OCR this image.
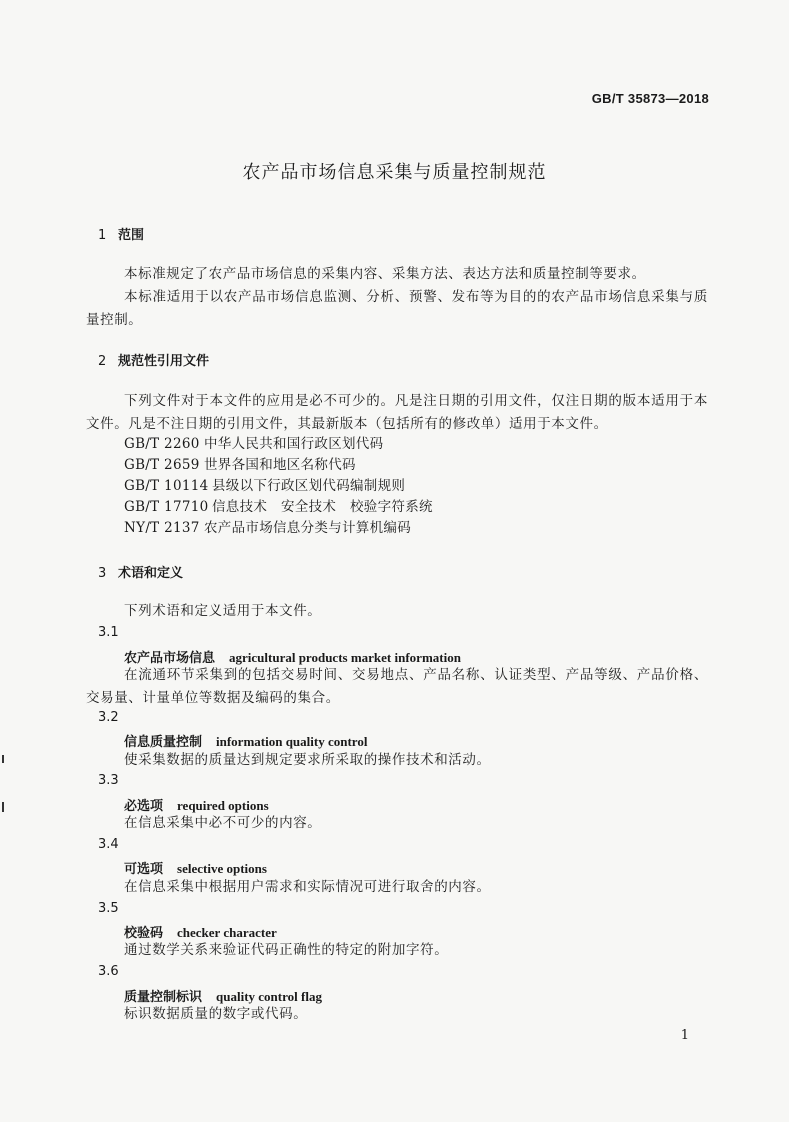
GB/T 35873—2018
农产品市场信息采集与质量控制规范
1 范围
本标准规定了农产品市场信息的采集内容、采集方法、表达方法和质量控制等要求。
本标准适用于以农产品市场信息监测、分析、预警、发布等为目的的农产品市场信息采集与质量控制。
2 规范性引用文件
下列文件对于本文件的应用是必不可少的。凡是注日期的引用文件，仅注日期的版本适用于本文件。凡是不注日期的引用文件，其最新版本（包括所有的修改单）适用于本文件。
GB/T 2260 中华人民共和国行政区划代码
GB/T 2659 世界各国和地区名称代码
GB/T 10114 县级以下行政区划代码编制规则
GB/T 17710 信息技术　安全技术　校验字符系统
NY/T 2137 农产品市场信息分类与计算机编码
3 术语和定义
下列术语和定义适用于本文件。
3.1
农产品市场信息 agricultural products market information
在流通环节采集到的包括交易时间、交易地点、产品名称、认证类型、产品等级、产品价格、交易量、计量单位等数据及编码的集合。
3.2
信息质量控制 information quality control
使采集数据的质量达到规定要求所采取的操作技术和活动。
3.3
必选项 required options
在信息采集中必不可少的内容。
3.4
可选项 selective options
在信息采集中根据用户需求和实际情况可进行取舍的内容。
3.5
校验码 checker character
通过数学关系来验证代码正确性的特定的附加字符。
3.6
质量控制标识 quality control flag
标识数据质量的数字或代码。
1
